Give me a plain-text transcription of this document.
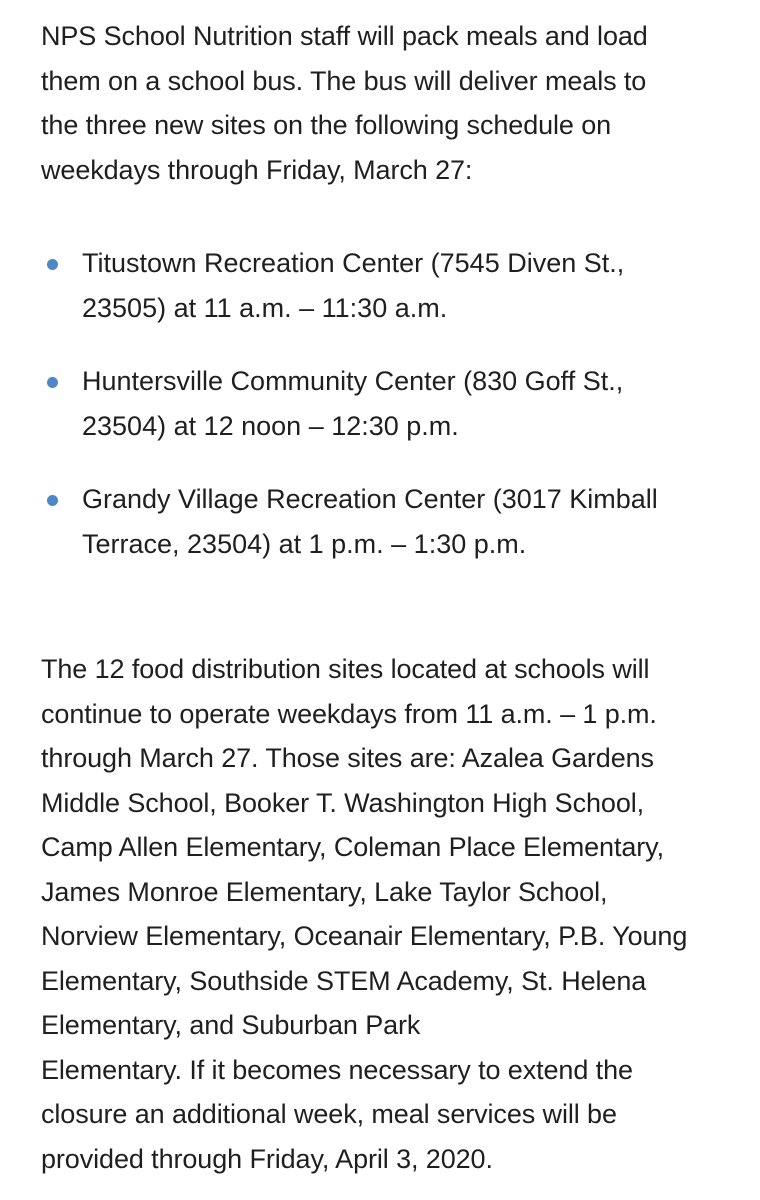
NPS School Nutrition staff will pack meals and load
them on a school bus. The bus will deliver meals to
the three new sites on the following schedule on
weekdays through Friday, March 27:

Titustown Recreation Center (7545 Diven St.,
23505) at 11 a.m. – 11:30 a.m.
Huntersville Community Center (830 Goff St.,
23504) at 12 noon – 12:30 p.m.
Grandy Village Recreation Center (3017 Kimball
Terrace, 23504) at 1 p.m. – 1:30 p.m.

The 12 food distribution sites located at schools will
continue to operate weekdays from 11 a.m. – 1 p.m.
through March 27. Those sites are: Azalea Gardens
Middle School, Booker T. Washington High School,
Camp Allen Elementary, Coleman Place Elementary,
James Monroe Elementary, Lake Taylor School,
Norview Elementary, Oceanair Elementary, P.B. Young
Elementary, Southside STEM Academy, St. Helena
Elementary, and Suburban Park
Elementary. If it becomes necessary to extend the
closure an additional week, meal services will be
provided through Friday, April 3, 2020.
